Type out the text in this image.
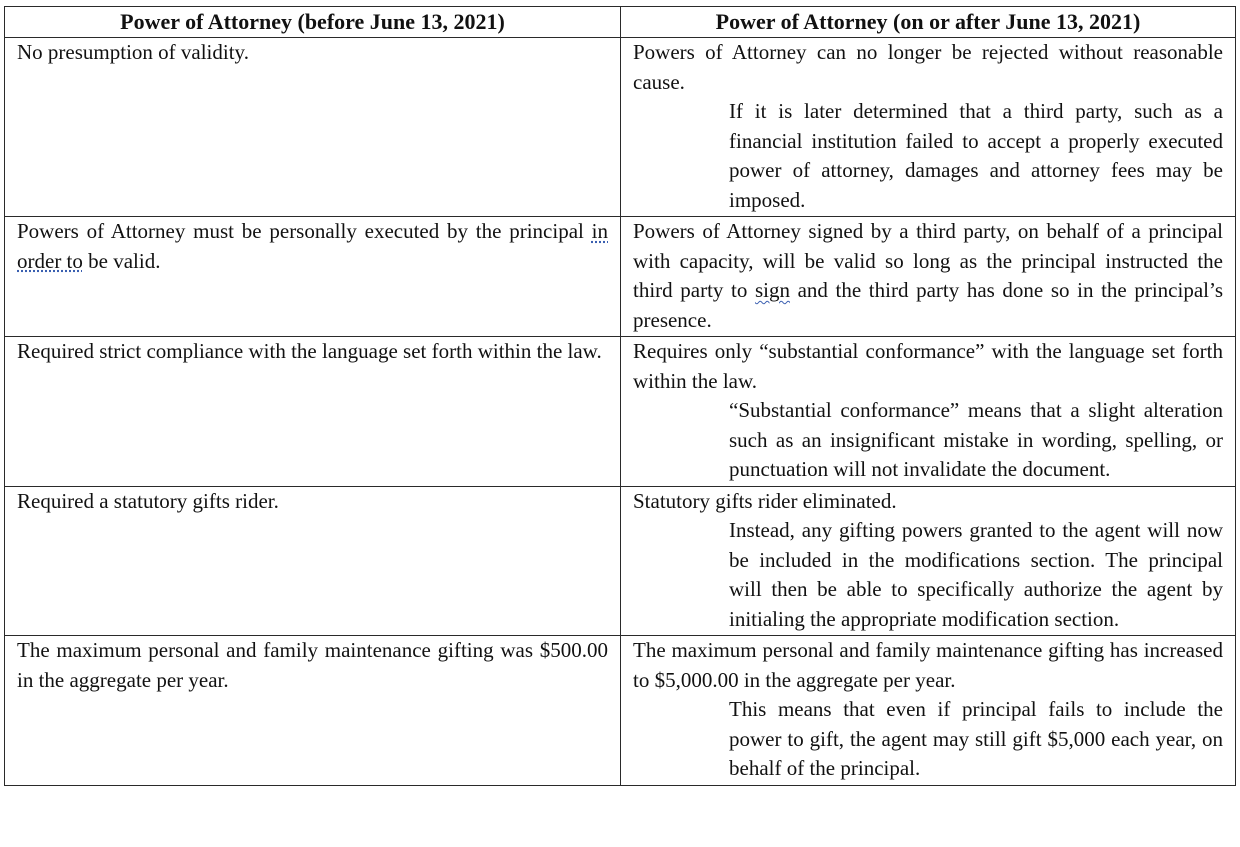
Power of Attorney (before June 13, 2021)	Power of Attorney (on or after June 13, 2021)

No presumption of validity.	Powers of Attorney can no longer be rejected without reasonable cause.

If it is later determined that a third party, such as a financial institution failed to accept a properly executed power of attorney, damages and attorney fees may be imposed.

Powers of Attorney must be personally executed by the principal in order to be valid.	Powers of Attorney signed by a third party, on behalf of a principal with capacity, will be valid so long as the principal instructed the third party to sign and the third party has done so in the principal’s presence.

Required strict compliance with the language set forth within the law.	Requires only “substantial conformance” with the language set forth within the law.

“Substantial conformance” means that a slight alteration such as an insignificant mistake in wording, spelling, or punctuation will not invalidate the document.

Required a statutory gifts rider.	Statutory gifts rider eliminated.

Instead, any gifting powers granted to the agent will now be included in the modifications section. The principal will then be able to specifically authorize the agent by initialing the appropriate modification section.

The maximum personal and family maintenance gifting was $500.00 in the aggregate per year.	The maximum personal and family maintenance gifting has increased to $5,000.00 in the aggregate per year.

This means that even if principal fails to include the power to gift, the agent may still gift $5,000 each year, on behalf of the principal.
